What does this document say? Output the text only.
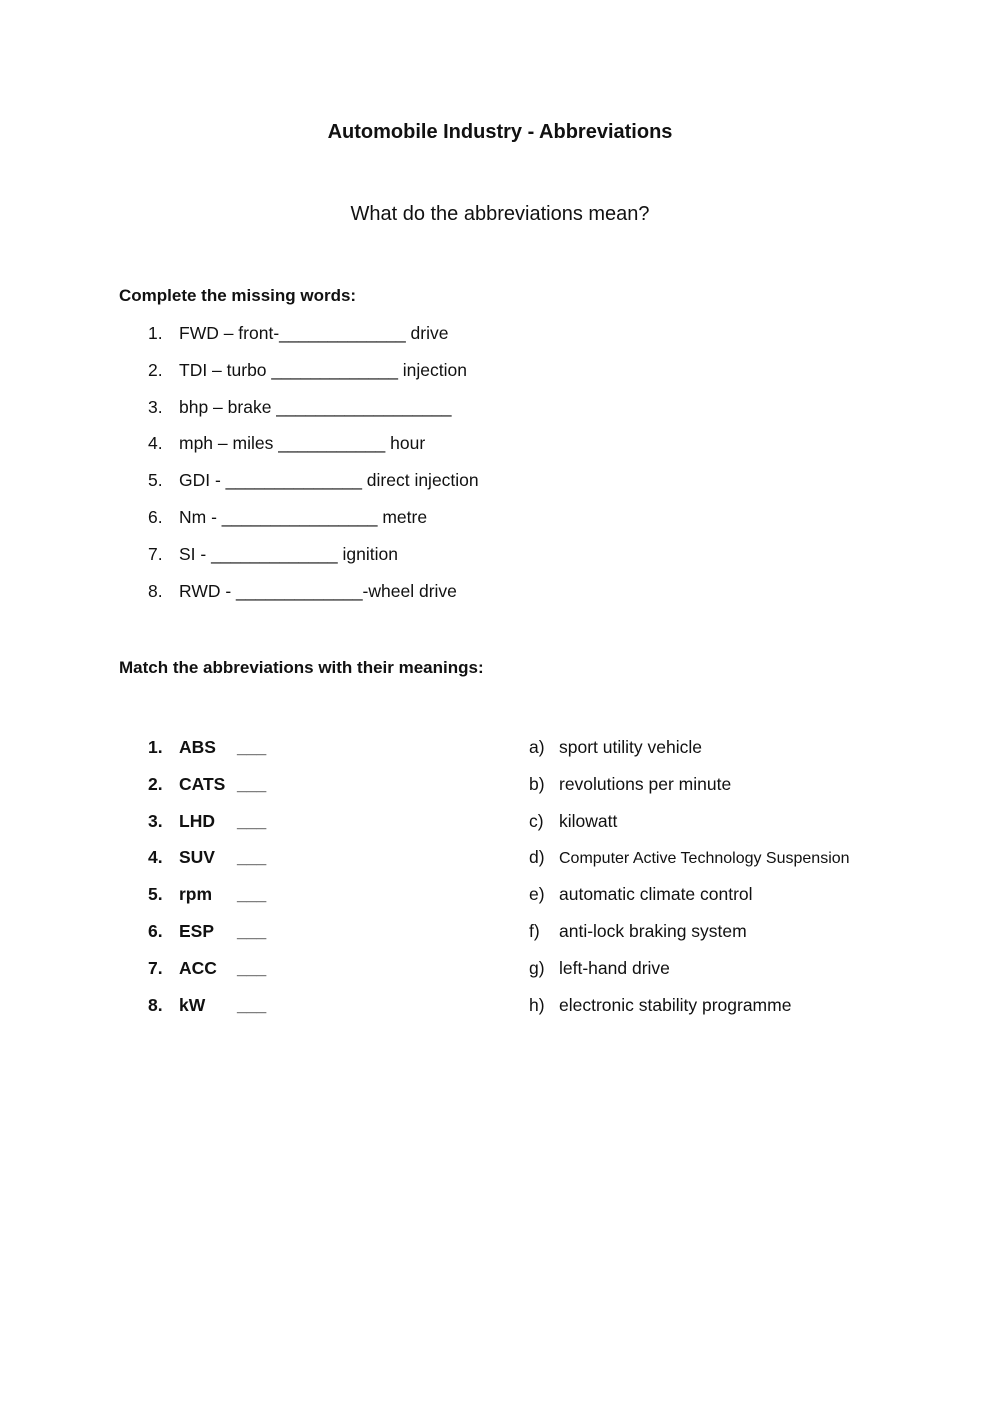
Automobile Industry - Abbreviations
What do the abbreviations mean?
Complete the missing words:
1. FWD – front-_____________ drive
2. TDI – turbo _____________ injection
3. bhp – brake __________________
4. mph – miles ___________ hour
5. GDI - ______________ direct injection
6. Nm - ________________ metre
7. SI - _____________ ignition
8. RWD - _____________-wheel drive
Match the abbreviations with their meanings:
1. ABS	___
2. CATS ___
3. LHD	___
4. SUV	___
5. rpm	___
6. ESP	___
7. ACC	___
8. kW	___
a) sport utility vehicle
b) revolutions per minute
c) kilowatt
d) Computer Active Technology Suspension
e) automatic climate control
f)	anti-lock braking system
g) left-hand drive
h) electronic stability programme
